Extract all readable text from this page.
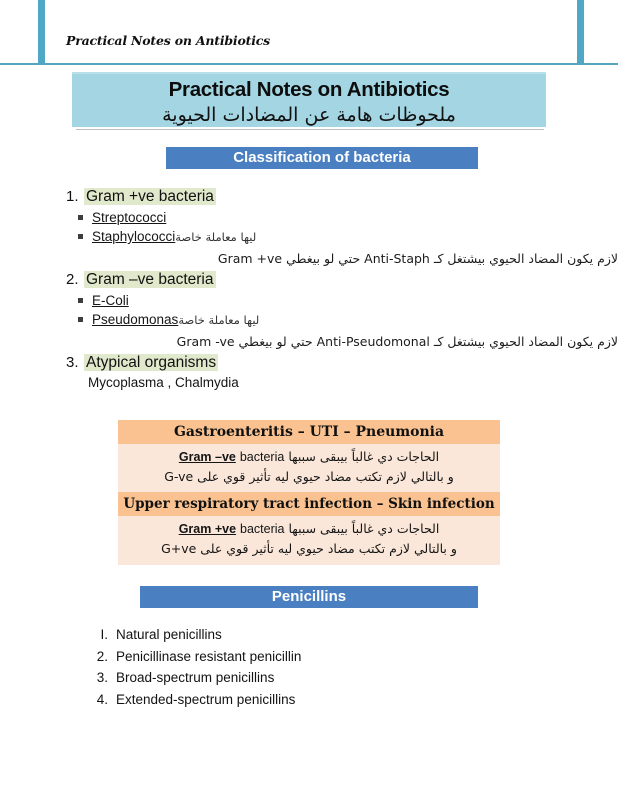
Practical Notes on Antibiotics
Practical Notes on Antibiotics
ملحوظات هامة عن المضادات الحيوية
Classification of bacteria
1. Gram +ve bacteria
Streptococci
Staphylococciليها معاملة خاصة
لازم يكون المضاد الحيوي بيشتغل كـ Anti-Staph حتي لو بيغطي Gram +ve
2. Gram –ve bacteria
E-Coli
Pseudomonasليها معاملة خاصة
لازم يكون المضاد الحيوي بيشتغل كـ Anti-Pseudomonal حتي لو بيغطي Gram -ve
3. Atypical organisms
Mycoplasma , Chalmydia
Gastroenteritis – UTI – Pneumonia
الحاجات دي غالباً بيبقى سببها Gram –ve bacteria
و بالتالي لازم تكتب مضاد حيوي ليه تأثير قوي على G-ve
Upper respiratory tract infection – Skin infection
الحاجات دي غالباً بيبقى سببها Gram +ve bacteria
و بالتالي لازم تكتب مضاد حيوي ليه تأثير قوي على G+ve
Penicillins
I. Natural penicillins
2. Penicillinase resistant penicillin
3. Broad-spectrum penicillins
4. Extended-spectrum penicillins
